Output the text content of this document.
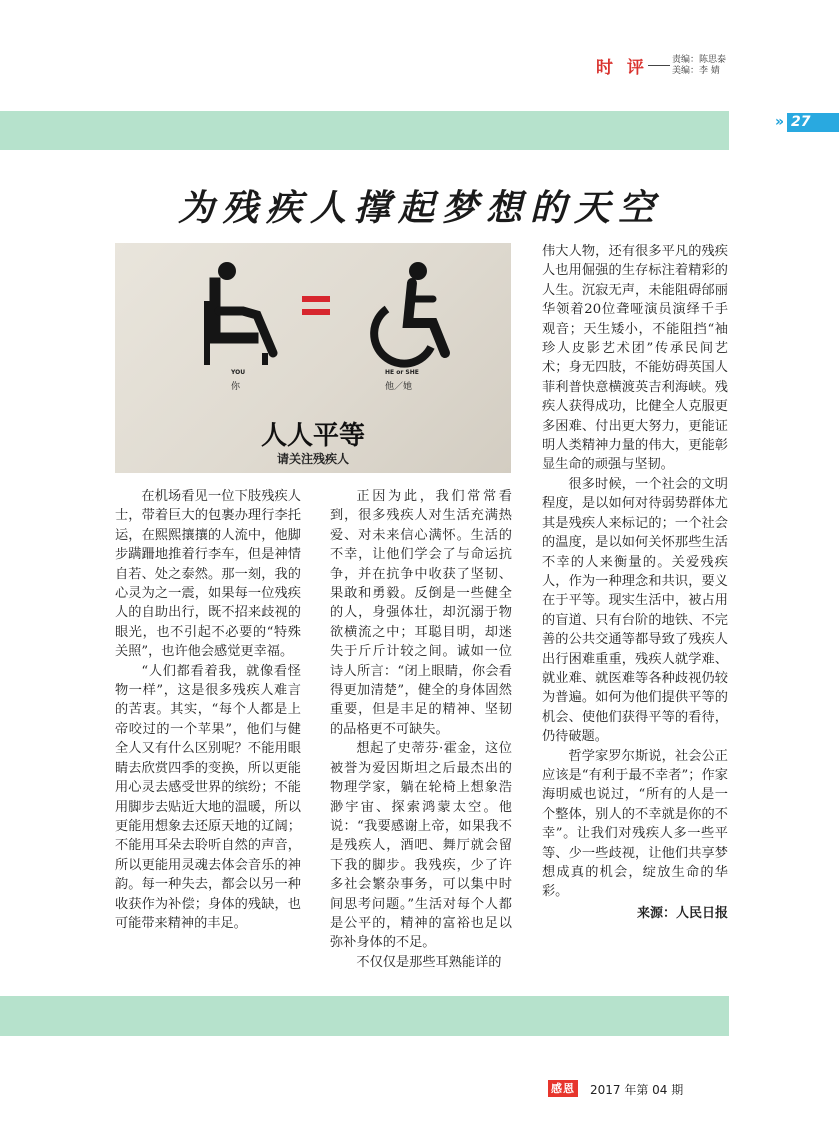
时 评	责编：陈思泰
美编：李 婧
» 27
为残疾人撑起梦想的天空
YOU
你
HE or SHE
他／她
人人平等
请关注残疾人

在机场看见一位下肢残疾人士，带着巨大的包裹办理行李托运，在熙熙攘攘的人流中，他脚步蹒跚地推着行李车，但是神情自若、处之泰然。那一刻，我的心灵为之一震，如果每一位残疾人的自助出行，既不招来歧视的眼光，也不引起不必要的“特殊关照”，也许他会感觉更幸福。

“人们都看着我，就像看怪物一样”，这是很多残疾人难言的苦衷。其实，“每个人都是上帝咬过的一个苹果”，他们与健全人又有什么区别呢？不能用眼睛去欣赏四季的变换，所以更能用心灵去感受世界的缤纷；不能用脚步去贴近大地的温暖，所以更能用想象去还原天地的辽阔；不能用耳朵去聆听自然的声音，所以更能用灵魂去体会音乐的神韵。每一种失去，都会以另一种收获作为补偿；身体的残缺，也可能带来精神的丰足。

正因为此，我们常常看到，很多残疾人对生活充满热爱、对未来信心满怀。生活的不幸，让他们学会了与命运抗争，并在抗争中收获了坚韧、果敢和勇毅。反倒是一些健全的人，身强体壮，却沉溺于物欲横流之中；耳聪目明，却迷失于斤斤计较之间。诚如一位诗人所言：“闭上眼睛，你会看得更加清楚”，健全的身体固然重要，但是丰足的精神、坚韧的品格更不可缺失。

想起了史蒂芬·霍金，这位被誉为爱因斯坦之后最杰出的物理学家，躺在轮椅上想象浩渺宇宙、探索鸿蒙太空。他说：“我要感谢上帝，如果我不是残疾人，酒吧、舞厅就会留下我的脚步。我残疾，少了许多社会繁杂事务，可以集中时间思考问题。”生活对每个人都是公平的，精神的富裕也足以弥补身体的不足。

不仅仅是那些耳熟能详的

伟大人物，还有很多平凡的残疾人也用倔强的生存标注着精彩的人生。沉寂无声，未能阻碍邰丽华领着20位聋哑演员演绎千手观音；天生矮小，不能阻挡“袖珍人皮影艺术团”传承民间艺术；身无四肢，不能妨碍英国人菲利普快意横渡英吉利海峡。残疾人获得成功，比健全人克服更多困难、付出更大努力，更能证明人类精神力量的伟大，更能彰显生命的顽强与坚韧。

很多时候，一个社会的文明程度，是以如何对待弱势群体尤其是残疾人来标记的；一个社会的温度，是以如何关怀那些生活不幸的人来衡量的。关爱残疾人，作为一种理念和共识，要义在于平等。现实生活中，被占用的盲道、只有台阶的地铁、不完善的公共交通等都导致了残疾人出行困难重重，残疾人就学难、就业难、就医难等各种歧视仍较为普遍。如何为他们提供平等的机会、使他们获得平等的看待，仍待破题。

哲学家罗尔斯说，社会公正应该是“有利于最不幸者”；作家海明威也说过，“所有的人是一个整体，别人的不幸就是你的不幸”。让我们对残疾人多一些平等、少一些歧视，让他们共享梦想成真的机会，绽放生命的华彩。

来源：人民日报
感恩 2017 年第 04 期
